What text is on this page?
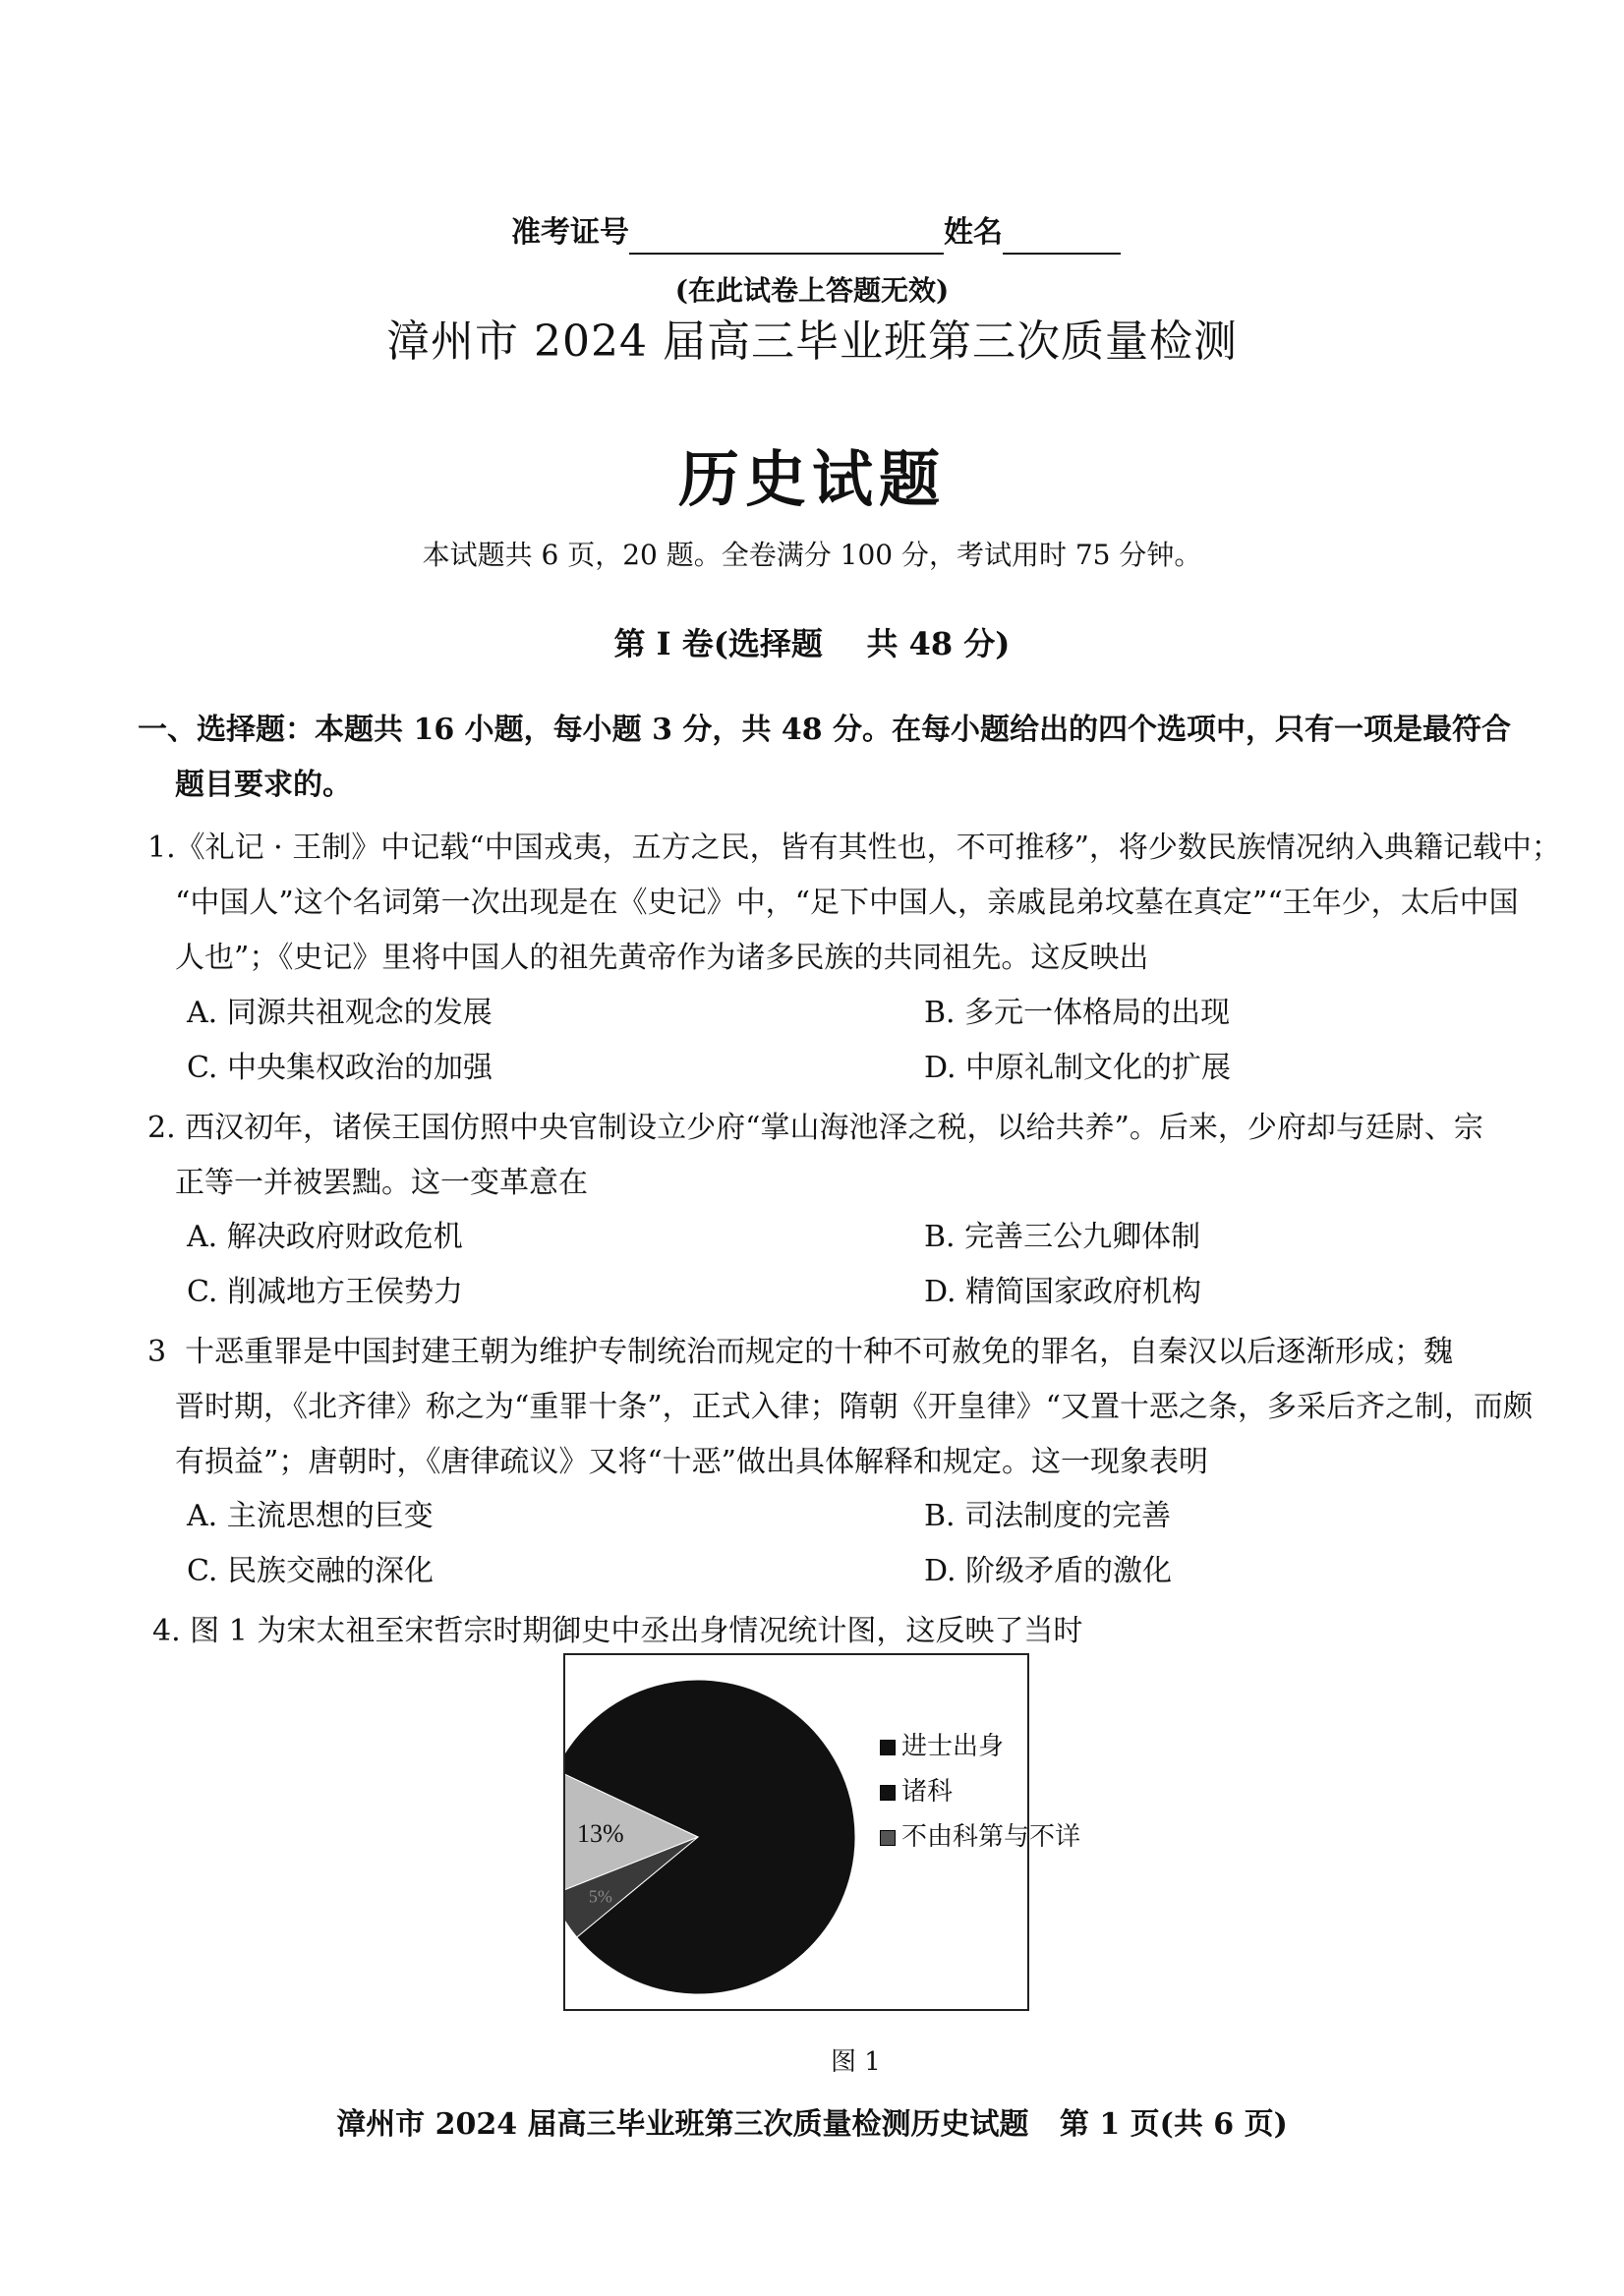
准考证号	姓名
(在此试卷上答题无效)
漳州市 2024 届高三毕业班第三次质量检测
历史试题
本试题共 6 页，20 题。全卷满分 100 分，考试用时 75 分钟。
第 I 卷(选择题    共 48 分)
一、选择题：本题共 16 小题，每小题 3 分，共 48 分。在每小题给出的四个选项中，只有一项是最符合
题目要求的。
1.《礼记 · 王制》中记载“中国戎夷，五方之民，皆有其性也，不可推移”，将少数民族情况纳入典籍记载中；
“中国人”这个名词第一次出现是在《史记》中，“足下中国人，亲戚昆弟坟墓在真定”“王年少，太后中国
人也”；《史记》里将中国人的祖先黄帝作为诸多民族的共同祖先。这反映出
A. 同源共祖观念的发展	B. 多元一体格局的出现
C. 中央集权政治的加强	D. 中原礼制文化的扩展
2. 西汉初年，诸侯王国仿照中央官制设立少府“掌山海池泽之税，以给共养”。后来，少府却与廷尉、宗
正等一并被罢黜。这一变革意在
A. 解决政府财政危机	B. 完善三公九卿体制
C. 削减地方王侯势力	D. 精简国家政府机构
3  十恶重罪是中国封建王朝为维护专制统治而规定的十种不可赦免的罪名，自秦汉以后逐渐形成；魏
晋时期，《北齐律》称之为“重罪十条”，正式入律；隋朝《开皇律》“又置十恶之条，多采后齐之制，而颇
有损益”；唐朝时，《唐律疏议》又将“十恶”做出具体解释和规定。这一现象表明
A. 主流思想的巨变	B. 司法制度的完善
C. 民族交融的深化	D. 阶级矛盾的激化
4. 图 1 为宋太祖至宋哲宗时期御史中丞出身情况统计图，这反映了当时
5%
13%
进士出身
诸科
不由科第与不详
图 1
漳州市 2024 届高三毕业班第三次质量检测历史试题   第 1 页(共 6 页)
